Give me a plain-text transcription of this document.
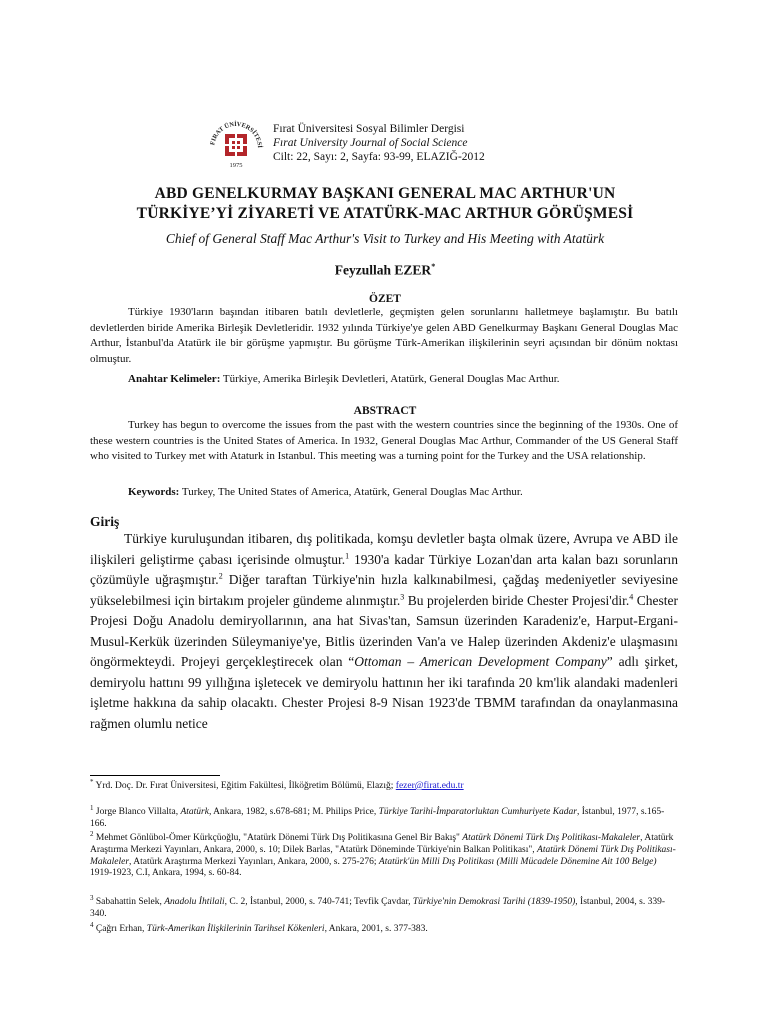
FIRAT ÜNİVERSİTESİ
1975
Fırat Üniversitesi Sosyal Bilimler Dergisi
Fırat University Journal of Social Science
Cilt: 22, Sayı: 2, Sayfa: 93-99, ELAZIĞ-2012
ABD GENELKURMAY BAŞKANI GENERAL MAC ARTHUR'UN
TÜRKİYE’Yİ ZİYARETİ VE ATATÜRK-MAC ARTHUR GÖRÜŞMESİ
Chief of General Staff Mac Arthur's Visit to Turkey and His Meeting with Atatürk
Feyzullah EZER*
ÖZET
Türkiye 1930'ların başından itibaren batılı devletlerle, geçmişten gelen sorunlarını halletmeye başlamıştır. Bu batılı devletlerden biride Amerika Birleşik Devletleridir. 1932 yılında Türkiye'ye gelen ABD Genelkurmay Başkanı General Douglas Mac Arthur, İstanbul'da Atatürk ile bir görüşme yapmıştır. Bu görüşme Türk-Amerikan ilişkilerinin seyri açısından bir dönüm noktası olmuştur.
Anahtar Kelimeler: Türkiye, Amerika Birleşik Devletleri, Atatürk, General Douglas Mac Arthur.
ABSTRACT
Turkey has begun to overcome the issues from the past with the western countries since the beginning of the 1930s. One of these western countries is the United States of America. In 1932, General Douglas Mac Arthur, Commander of the US General Staff who visited to Turkey met with Ataturk in Istanbul. This meeting was a turning point for the Turkey and the USA relationship.
Keywords: Turkey, The United States of America, Atatürk, General Douglas Mac Arthur.
Giriş
Türkiye kuruluşundan itibaren, dış politikada, komşu devletler başta olmak üzere, Avrupa ve ABD ile ilişkileri geliştirme çabası içerisinde olmuştur.$^1$ 1930'a kadar Türkiye Lozan'dan arta kalan bazı sorunların çözümüyle uğraşmıştır.$^2$ Diğer taraftan Türkiye'nin hızla kalkınabilmesi, çağdaş medeniyetler seviyesine yükselebilmesi için birtakım projeler gündeme alınmıştır.$^3$ Bu projelerden biride Chester Projesi'dir.$^4$ Chester Projesi Doğu Anadolu demiryollarının, ana hat Sivas'tan, Samsun üzerinden Karadeniz'e, Harput-Ergani-Musul-Kerkük üzerinden Süleymaniye'ye, Bitlis üzerinden Van'a ve Halep üzerinden Akdeniz'e ulaşmasını öngörmekteydi. Projeyi gerçekleştirecek olan “Ottoman – American Development Company” adlı şirket, demiryolu hattını 99 yıllığına işletecek ve demiryolu hattının her iki tarafında 20 km'lik alandaki madenleri işletme hakkına da sahip olacaktı. Chester Projesi 8-9 Nisan 1923'de TBMM tarafından da onaylanmasına rağmen olumlu netice
* Yrd. Doç. Dr. Fırat Üniversitesi, Eğitim Fakültesi, İlköğretim Bölümü, Elazığ; fezer@firat.edu.tr
$^1$ Jorge Blanco Villalta, Atatürk, Ankara, 1982, s.678-681; M. Philips Price, Türkiye Tarihi-İmparatorluktan Cumhuriyete Kadar, İstanbul, 1977, s.165-166.
$^2$ Mehmet Gönlübol-Ömer Kürkçüoğlu, "Atatürk Dönemi Türk Dış Politikasına Genel Bir Bakış" Atatürk Dönemi Türk Dış Politikası-Makaleler, Atatürk Araştırma Merkezi Yayınları, Ankara, 2000, s. 10; Dilek Barlas, "Atatürk Döneminde Türkiye'nin Balkan Politikası", Atatürk Dönemi Türk Dış Politikası-Makaleler, Atatürk Araştırma Merkezi Yayınları, Ankara, 2000, s. 275-276; Atatürk'ün Milli Dış Politikası (Milli Mücadele Dönemine Ait 100 Belge) 1919-1923, C.I, Ankara, 1994, s. 60-84.
$^3$ Sabahattin Selek, Anadolu İhtilali, C. 2, İstanbul, 2000, s. 740-741; Tevfik Çavdar, Türkiye'nin Demokrasi Tarihi (1839-1950), İstanbul, 2004, s. 339-340.
$^4$ Çağrı Erhan, Türk-Amerikan İlişkilerinin Tarihsel Kökenleri, Ankara, 2001, s. 377-383.
